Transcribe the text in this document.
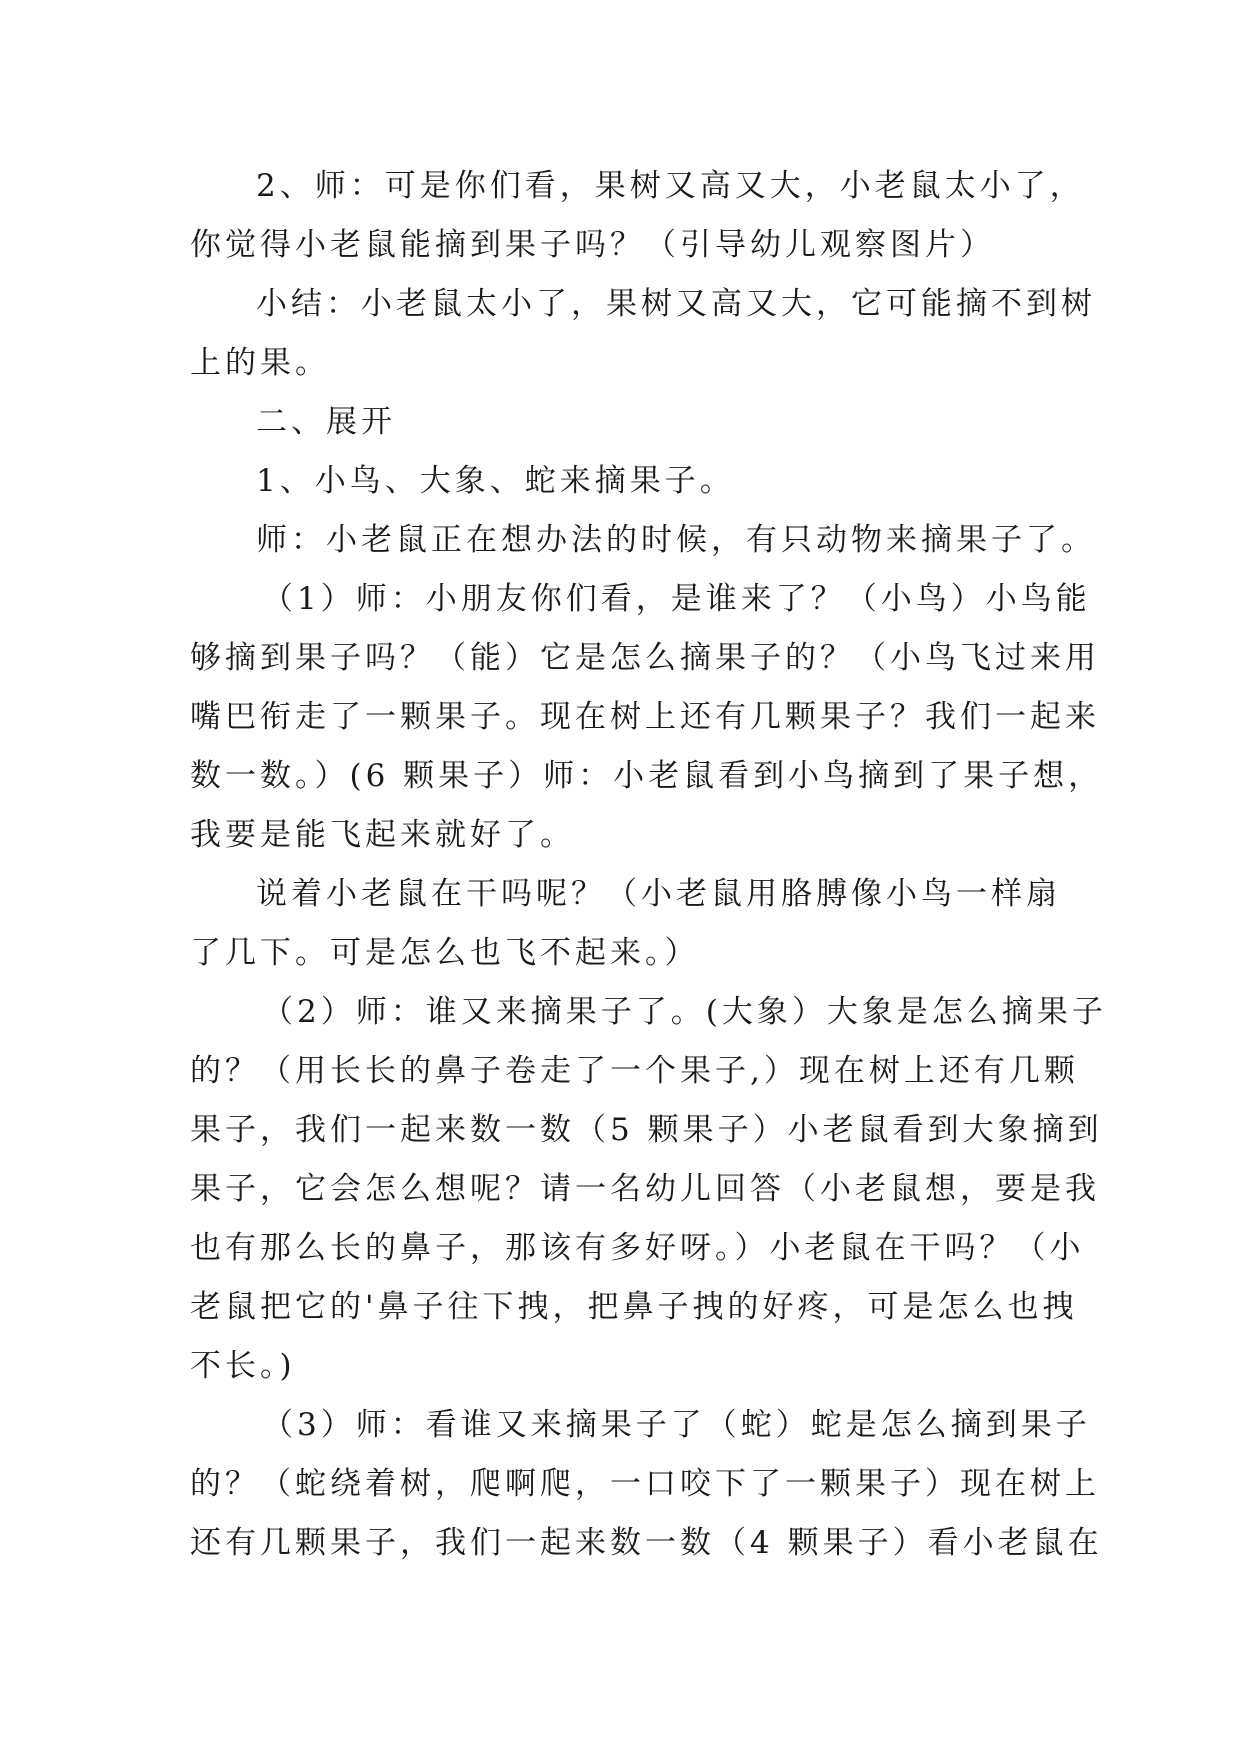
2、师：可是你们看，果树又高又大，小老鼠太小了，
你觉得小老鼠能摘到果子吗？（引导幼儿观察图片）
小结：小老鼠太小了，果树又高又大，它可能摘不到树
上的果。
二、展开
1、小鸟、大象、蛇来摘果子。
师：小老鼠正在想办法的时候，有只动物来摘果子了。
（1）师：小朋友你们看，是谁来了？（小鸟）小鸟能
够摘到果子吗？（能）它是怎么摘果子的？（小鸟飞过来用
嘴巴衔走了一颗果子。现在树上还有几颗果子？我们一起来
数一数。）(6 颗果子）师：小老鼠看到小鸟摘到了果子想，
我要是能飞起来就好了。
说着小老鼠在干吗呢？（小老鼠用胳膊像小鸟一样扇
了几下。可是怎么也飞不起来。）
（2）师：谁又来摘果子了。(大象）大象是怎么摘果子
的？（用长长的鼻子卷走了一个果子,）现在树上还有几颗
果子，我们一起来数一数（5 颗果子）小老鼠看到大象摘到
果子，它会怎么想呢？请一名幼儿回答（小老鼠想，要是我
也有那么长的鼻子，那该有多好呀。）小老鼠在干吗？（小
老鼠把它的'鼻子往下拽，把鼻子拽的好疼，可是怎么也拽
不长。)
（3）师：看谁又来摘果子了（蛇）蛇是怎么摘到果子
的？（蛇绕着树，爬啊爬，一口咬下了一颗果子）现在树上
还有几颗果子，我们一起来数一数（4 颗果子）看小老鼠在
